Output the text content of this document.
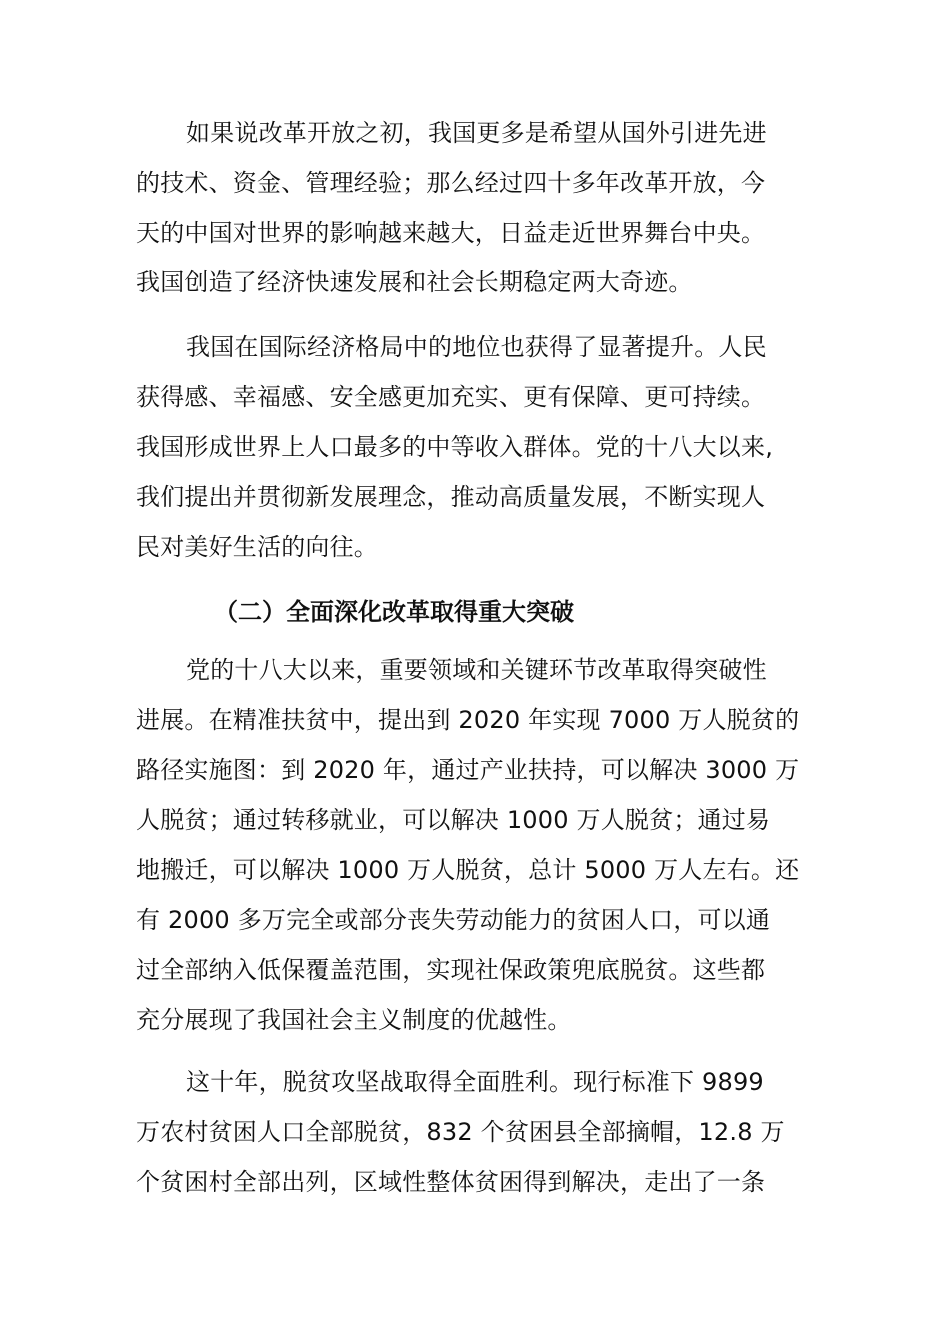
如果说改革开放之初，我国更多是希望从国外引进先进
的技术、资金、管理经验；那么经过四十多年改革开放，今
天的中国对世界的影响越来越大，日益走近世界舞台中央。
我国创造了经济快速发展和社会长期稳定两大奇迹。
我国在国际经济格局中的地位也获得了显著提升。人民
获得感、幸福感、安全感更加充实、更有保障、更可持续。
我国形成世界上人口最多的中等收入群体。党的十八大以来,
我们提出并贯彻新发展理念，推动高质量发展，不断实现人
民对美好生活的向往。
（二）全面深化改革取得重大突破
党的十八大以来，重要领域和关键环节改革取得突破性
进展。在精准扶贫中，提出到 2020 年实现 7000 万人脱贫的
路径实施图：到 2020 年，通过产业扶持，可以解决 3000 万
人脱贫；通过转移就业，可以解决 1000 万人脱贫；通过易
地搬迁，可以解决 1000 万人脱贫，总计 5000 万人左右。还
有 2000 多万完全或部分丧失劳动能力的贫困人口，可以通
过全部纳入低保覆盖范围，实现社保政策兜底脱贫。这些都
充分展现了我国社会主义制度的优越性。
这十年，脱贫攻坚战取得全面胜利。现行标准下 9899
万农村贫困人口全部脱贫，832 个贫困县全部摘帽，12.8 万
个贫困村全部出列，区域性整体贫困得到解决，走出了一条
